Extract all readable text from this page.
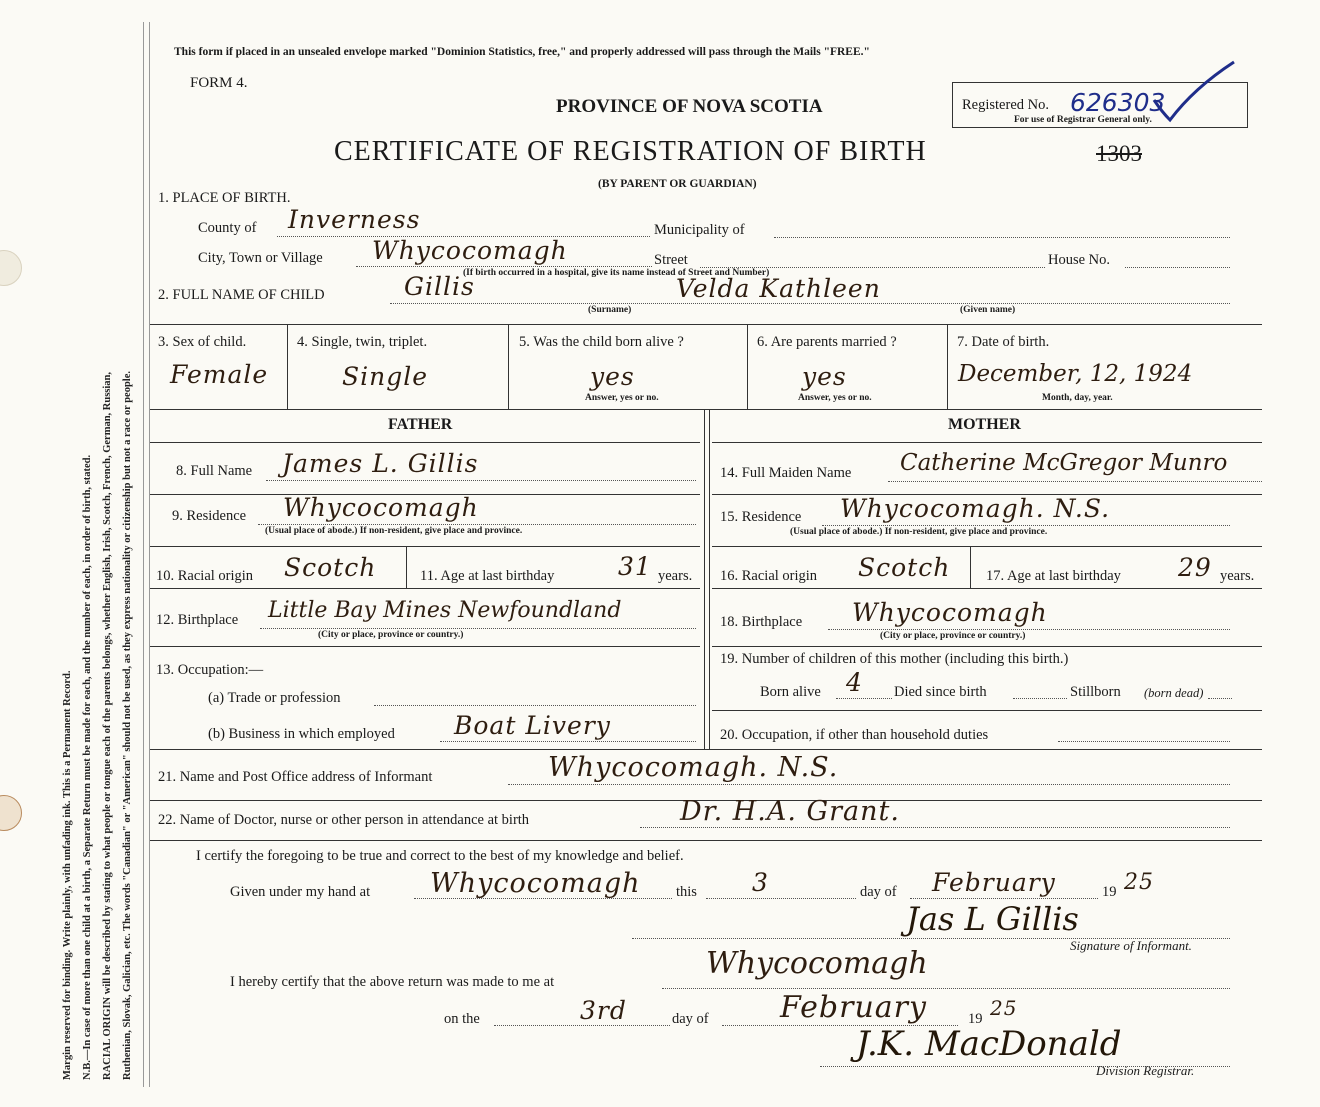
Margin reserved for binding. Write plainly, with unfading ink. This is a Permanent Record. N.B.—In case of more than one child at a birth, a Separate Return must be made for each, and the number of each, in order of birth, stated. RACIAL ORIGIN will be described by stating to what people or tongue each of the parents belongs, whether English, Irish, Scotch, French, German, Russian, Ruthenian, Slovak, Galician, etc. The words "Canadian" or "American" should not be used, as they express nationality or citizenship but not a race or people.
This form if placed in an unsealed envelope marked "Dominion Statistics, free," and properly addressed will pass through the Mails "FREE."
FORM 4.
PROVINCE OF NOVA SCOTIA
CERTIFICATE OF REGISTRATION OF BIRTH	1303
(BY PARENT OR GUARDIAN)
Registered No. 626303
For use of Registrar General only.
1. PLACE OF BIRTH.
County of Inverness	Municipality of
City, Town or Village Whycocomagh	Street	House No.
(If birth occurred in a hospital, give its name instead of Street and Number)
2. FULL NAME OF CHILD	Gillis	Velda Kathleen
(Surname)	(Given name)
3. Sex of child.
Female
4. Single, twin, triplet.
Single
5. Was the child born alive ?
yes
Answer, yes or no.
6. Are parents married ?
yes
Answer, yes or no.
7. Date of birth.
December, 12, 1924
Month, day, year.
FATHER	MOTHER
8. Full Name James L. Gillis
9. Residence Whycocomagh
(Usual place of abode.) If non-resident, give place and province.
10. Racial origin Scotch	11. Age at last birthday	31 years.
12. Birthplace Little Bay Mines Newfoundland
(City or place, province or country.)
13. Occupation:—
(a) Trade or profession
(b) Business in which employed Boat Livery
14. Full Maiden Name Catherine McGregor Munro
15. Residence Whycocomagh. N.S.
(Usual place of abode.) If non-resident, give place and province.
16. Racial origin Scotch 17. Age at last birthday 29 years.
18. Birthplace Whycocomagh
(City or place, province or country.)
19. Number of children of this mother (including this birth.)
Born alive 4 Died since birth	Stillborn (born dead)
20. Occupation, if other than household duties
21. Name and Post Office address of Informant	Whycocomagh. N.S.
22. Name of Doctor, nurse or other person in attendance at birth	Dr. H.A. Grant.
I certify the foregoing to be true and correct to the best of my knowledge and belief.
Given under my hand at Whycocomagh this 3	day of February	19 25
Jas L Gillis
Signature of Informant.
I hereby certify that the above return was made to me at
Whycocomagh
on the	3rd	day of February	19 25
J.K. MacDonald
Division Registrar.
